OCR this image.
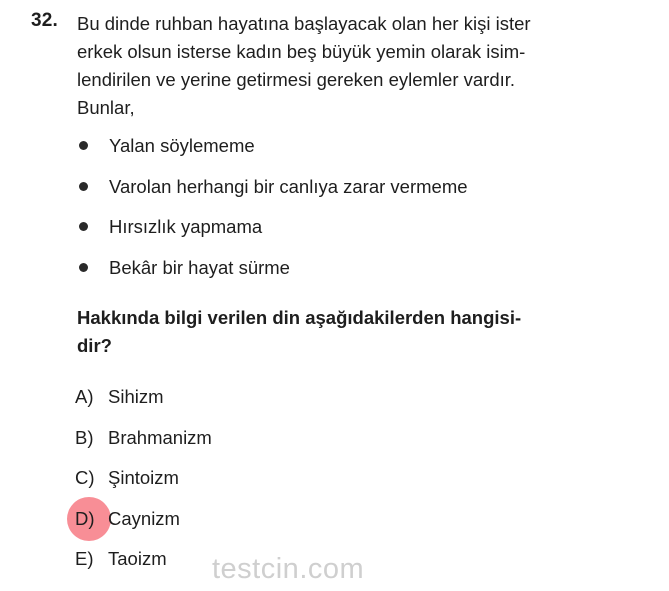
32. Bu dinde ruhban hayatına başlayacak olan her kişi ister
erkek olsun isterse kadın beş büyük yemin olarak isim-
lendirilen ve yerine getirmesi gereken eylemler vardır.
Bunlar,
Yalan söylememe
Varolan herhangi bir canlıya zarar vermeme
Hırsızlık yapmama
Bekâr bir hayat sürme
Hakkında bilgi verilen din aşağıdakilerden hangisi-
dir?
A) Sihizm
B) Brahmanizm
C) Şintoizm
D) Caynizm
E) Taoizm testcin.com
